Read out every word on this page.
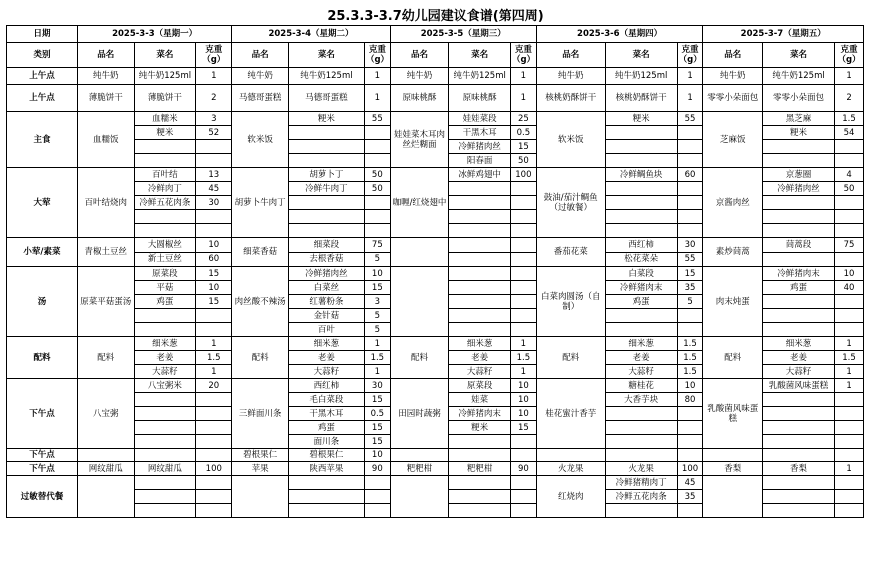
25.3.3-3.7幼儿园建议食谱(第四周)
日期	2025-3-3（星期一）			2025-3-4（星期二）			2025-3-5（星期三）			2025-3-6（星期四）			2025-3-7（星期五）		
类别	品名	菜名	克重（g）	品名	菜名	克重（g）	品名	菜名	克重（g）	品名	菜名	克重（g）	品名	菜名	克重（g）
上午点	纯牛奶	纯牛奶125ml	1	纯牛奶	纯牛奶125ml	1	纯牛奶	纯牛奶125ml	1	纯牛奶	纯牛奶125ml	1	纯牛奶	纯牛奶125ml	1
上午点	薄脆饼干	薄脆饼干	2	马德哥蛋糕	马德哥蛋糕	1	原味桃酥	原味桃酥	1	核桃奶酥饼干	核桃奶酥饼干	1	零零小朵面包	零零小朵面包	2
主食	血糯饭	血糯米	3	软米饭	粳米	55	娃娃菜木耳肉丝烂糊面	娃娃菜段	25	软米饭	粳米	55	芝麻饭	黑芝麻	1.5
		粳米	52					干黑木耳	0.5					粳米	54
								冷鲜猪肉丝	15						
								阳春面	50						
大荤	百叶结烧肉	百叶结	13	胡萝卜牛肉丁	胡萝卜丁	50	咖喱/红烧翅中	冰鲜鸡翅中	100	鼓油/茄汁鲷鱼（过敏餐）	冷鲜鲷鱼块	60	京酱肉丝	京葱圈	4
		冷鲜肉丁	45		冷鲜牛肉丁	50								冷鲜猪肉丝	50
		冷鲜五花肉条	30												

小荤/素菜	青椒土豆丝	大圆椒丝	10	细菜香菇	细菜段	75				番茄花菜	西红柿	30	素炒茼蒿	茼蒿段	75
		新土豆丝	60		去根香菇	5					松花菜朵	55			
汤	原菜平菇蛋汤	原菜段	15	肉丝酸不辣汤	冷鲜猪肉丝	10				白菜肉圆汤（自制）	白菜段	15	肉末炖蛋	冷鲜猪肉末	10
		平菇	10		白菜丝	15					冷鲜猪肉末	35		鸡蛋	40
		鸡蛋	15		红薯粉条	3					鸡蛋	5			
					金针菇	5									
					百叶	5									
配料	配料	细米葱	1	配料	细米葱	1	配料	细米葱	1	配料	细米葱	1.5	配料	细米葱	1
		老姜	1.5		老姜	1.5		老姜	1.5		老姜	1.5		老姜	1.5
		大蒜籽	1		大蒜籽	1		大蒜籽	1		大蒜籽	1.5		大蒜籽	1
下午点	八宝粥	八宝粥米	20	三鲜面川条	西红柿	30	田园时蔬粥	原菜段	10	桂花蜜汁香芋	糖桂花	10	乳酸菌风味蛋糕	乳酸菌风味蛋糕	1
					毛白菜段	15		娃菜	10		大香芋块	80			
					干黑木耳	0.5		冷鲜猪肉末	10						
					鸡蛋	15		粳米	15						
					面川条	15									
下午点				碧根果仁	碧根果仁	10									
下午点	网纹甜瓜	网纹甜瓜	100	苹果	陕西苹果	90	粑粑柑	粑粑柑	90	火龙果	火龙果	100	香梨	香梨	1
过敏替代餐										红烧肉	冷鲜猪精肉丁	45			
											冷鲜五花肉条	35			
